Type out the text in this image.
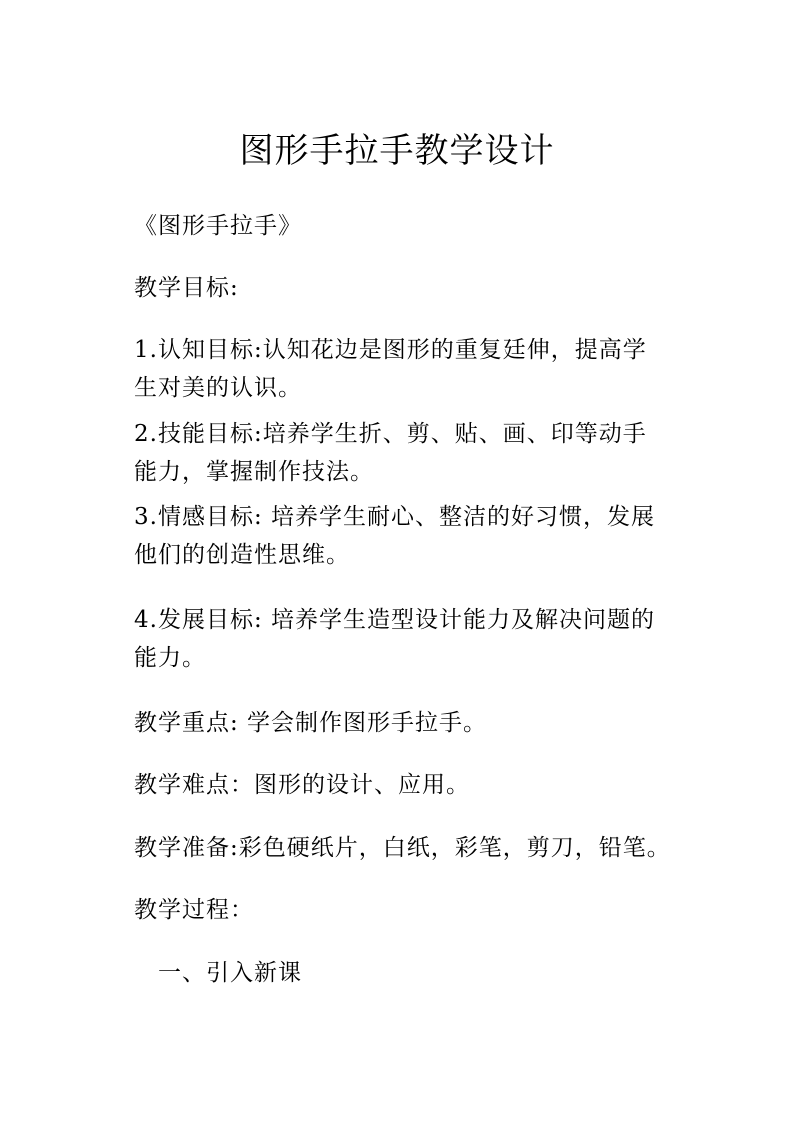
图形手拉手教学设计
《图形手拉手》
教学目标:
1.认知目标:认知花边是图形的重复廷伸，提高学
生对美的认识。
2.技能目标:培养学生折、剪、贴、画、印等动手
能力，掌握制作技法。
3.情感目标: 培养学生耐心、整洁的好习惯，发展
他们的创造性思维。
4.发展目标: 培养学生造型设计能力及解决问题的
能力。
教学重点: 学会制作图形手拉手。
教学难点：图形的设计、应用。
教学准备:彩色硬纸片，白纸，彩笔，剪刀，铅笔。
教学过程：
一、引入新课
